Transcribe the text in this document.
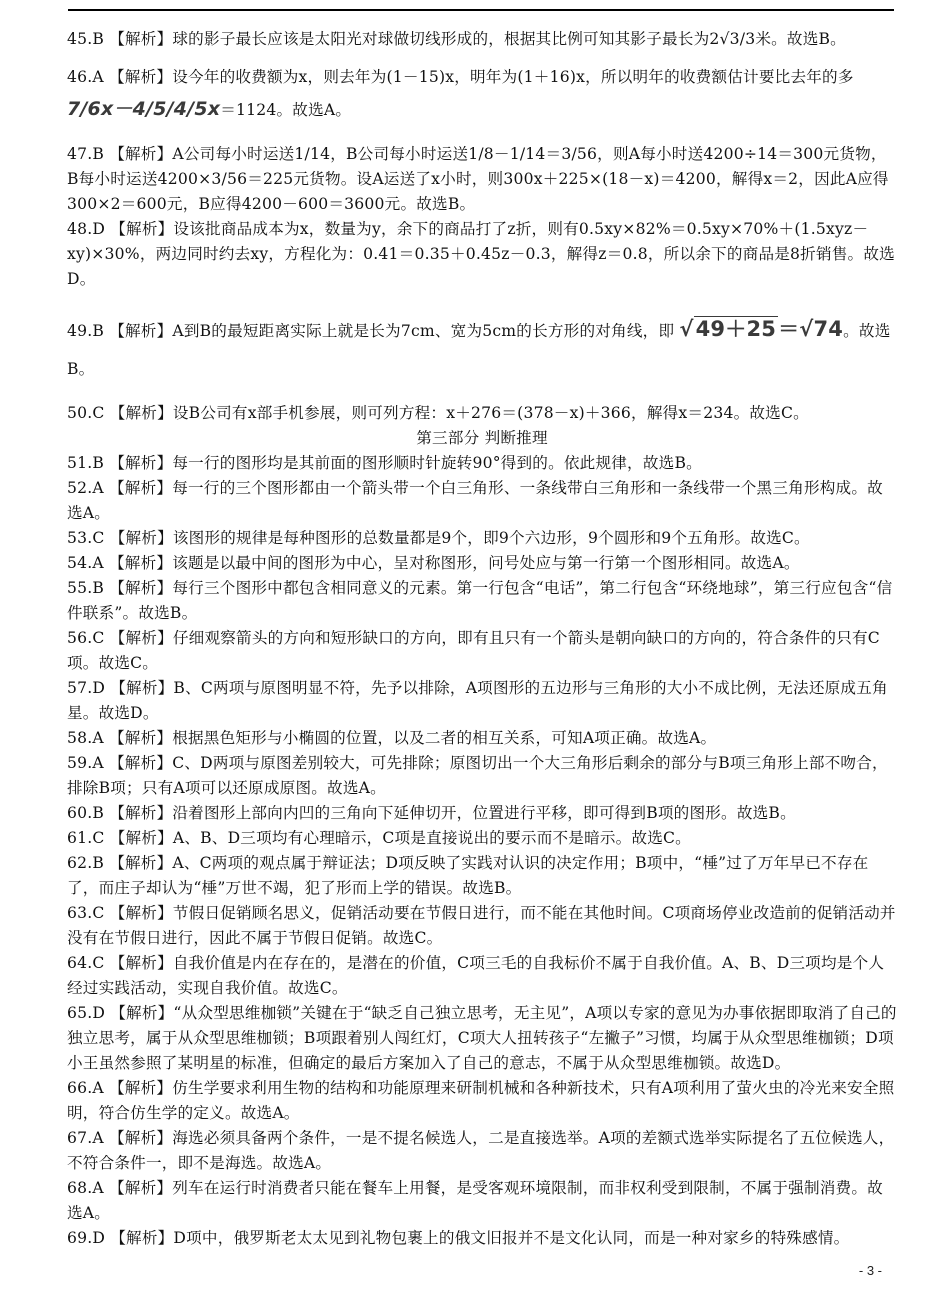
45.B 【解析】球的影子最长应该是太阳光对球做切线形成的，根据其比例可知其影子最长为2√3/3米。故选B。

46.A 【解析】设今年的收费额为x，则去年为(1－15)x，明年为(1＋16)x，所以明年的收费额估计要比去年的多

7/6x－4/5/4/5x＝1124。故选A。

47.B 【解析】A公司每小时运送1/14，B公司每小时运送1/8－1/14＝3/56，则A每小时送4200÷14＝300元货物，B每小时运送4200×3/56＝225元货物。设A运送了x小时，则300x＋225×(18－x)＝4200，解得x＝2，因此A应得300×2＝600元，B应得4200－600＝3600元。故选B。

48.D 【解析】设该批商品成本为x，数量为y，余下的商品打了z折，则有0.5xy×82%＝0.5xy×70%＋(1.5xyz－xy)×30%，两边同时约去xy，方程化为：0.41＝0.35＋0.45z－0.3，解得z＝0.8，所以余下的商品是8折销售。故选D。

49.B 【解析】A到B的最短距离实际上就是长为7cm、宽为5cm的长方形的对角线，即 √49＋25＝√74。故选B。

50.C 【解析】设B公司有x部手机参展，则可列方程：x＋276＝(378－x)＋366，解得x＝234。故选C。

第三部分 判断推理

51.B 【解析】每一行的图形均是其前面的图形顺时针旋转90°得到的。依此规律，故选B。

52.A 【解析】每一行的三个图形都由一个箭头带一个白三角形、一条线带白三角形和一条线带一个黑三角形构成。故选A。

53.C 【解析】该图形的规律是每种图形的总数量都是9个，即9个六边形，9个圆形和9个五角形。故选C。

54.A 【解析】该题是以最中间的图形为中心，呈对称图形，问号处应与第一行第一个图形相同。故选A。

55.B 【解析】每行三个图形中都包含相同意义的元素。第一行包含“电话”，第二行包含“环绕地球”，第三行应包含“信件联系”。故选B。

56.C 【解析】仔细观察箭头的方向和短形缺口的方向，即有且只有一个箭头是朝向缺口的方向的，符合条件的只有C项。故选C。

57.D 【解析】B、C两项与原图明显不符，先予以排除，A项图形的五边形与三角形的大小不成比例，无法还原成五角星。故选D。

58.A 【解析】根据黑色矩形与小椭圆的位置，以及二者的相互关系，可知A项正确。故选A。

59.A 【解析】C、D两项与原图差别较大，可先排除；原图切出一个大三角形后剩余的部分与B项三角形上部不吻合，排除B项；只有A项可以还原成原图。故选A。

60.B 【解析】沿着图形上部向内凹的三角向下延伸切开，位置进行平移，即可得到B项的图形。故选B。

61.C 【解析】A、B、D三项均有心理暗示，C项是直接说出的要示而不是暗示。故选C。

62.B 【解析】A、C两项的观点属于辩证法；D项反映了实践对认识的决定作用；B项中，“棰”过了万年早已不存在了，而庄子却认为“棰”万世不竭，犯了形而上学的错误。故选B。

63.C 【解析】节假日促销顾名思义，促销活动要在节假日进行，而不能在其他时间。C项商场停业改造前的促销活动并没有在节假日进行，因此不属于节假日促销。故选C。

64.C 【解析】自我价值是内在存在的，是潜在的价值，C项三毛的自我标价不属于自我价值。A、B、D三项均是个人经过实践活动，实现自我价值。故选C。

65.D 【解析】“从众型思维枷锁”关键在于“缺乏自己独立思考，无主见”，A项以专家的意见为办事依据即取消了自己的独立思考，属于从众型思维枷锁；B项跟着别人闯红灯，C项大人扭转孩子“左撇子”习惯，均属于从众型思维枷锁；D项小王虽然参照了某明星的标准，但确定的最后方案加入了自己的意志，不属于从众型思维枷锁。故选D。

66.A 【解析】仿生学要求利用生物的结构和功能原理来研制机械和各种新技术，只有A项利用了萤火虫的冷光来安全照明，符合仿生学的定义。故选A。

67.A 【解析】海选必须具备两个条件，一是不提名候选人，二是直接选举。A项的差额式选举实际提名了五位候选人，不符合条件一，即不是海选。故选A。

68.A 【解析】列车在运行时消费者只能在餐车上用餐，是受客观环境限制，而非权利受到限制，不属于强制消费。故选A。

69.D 【解析】D项中，俄罗斯老太太见到礼物包裹上的俄文旧报并不是文化认同，而是一种对家乡的特殊感情。

- 3 -
